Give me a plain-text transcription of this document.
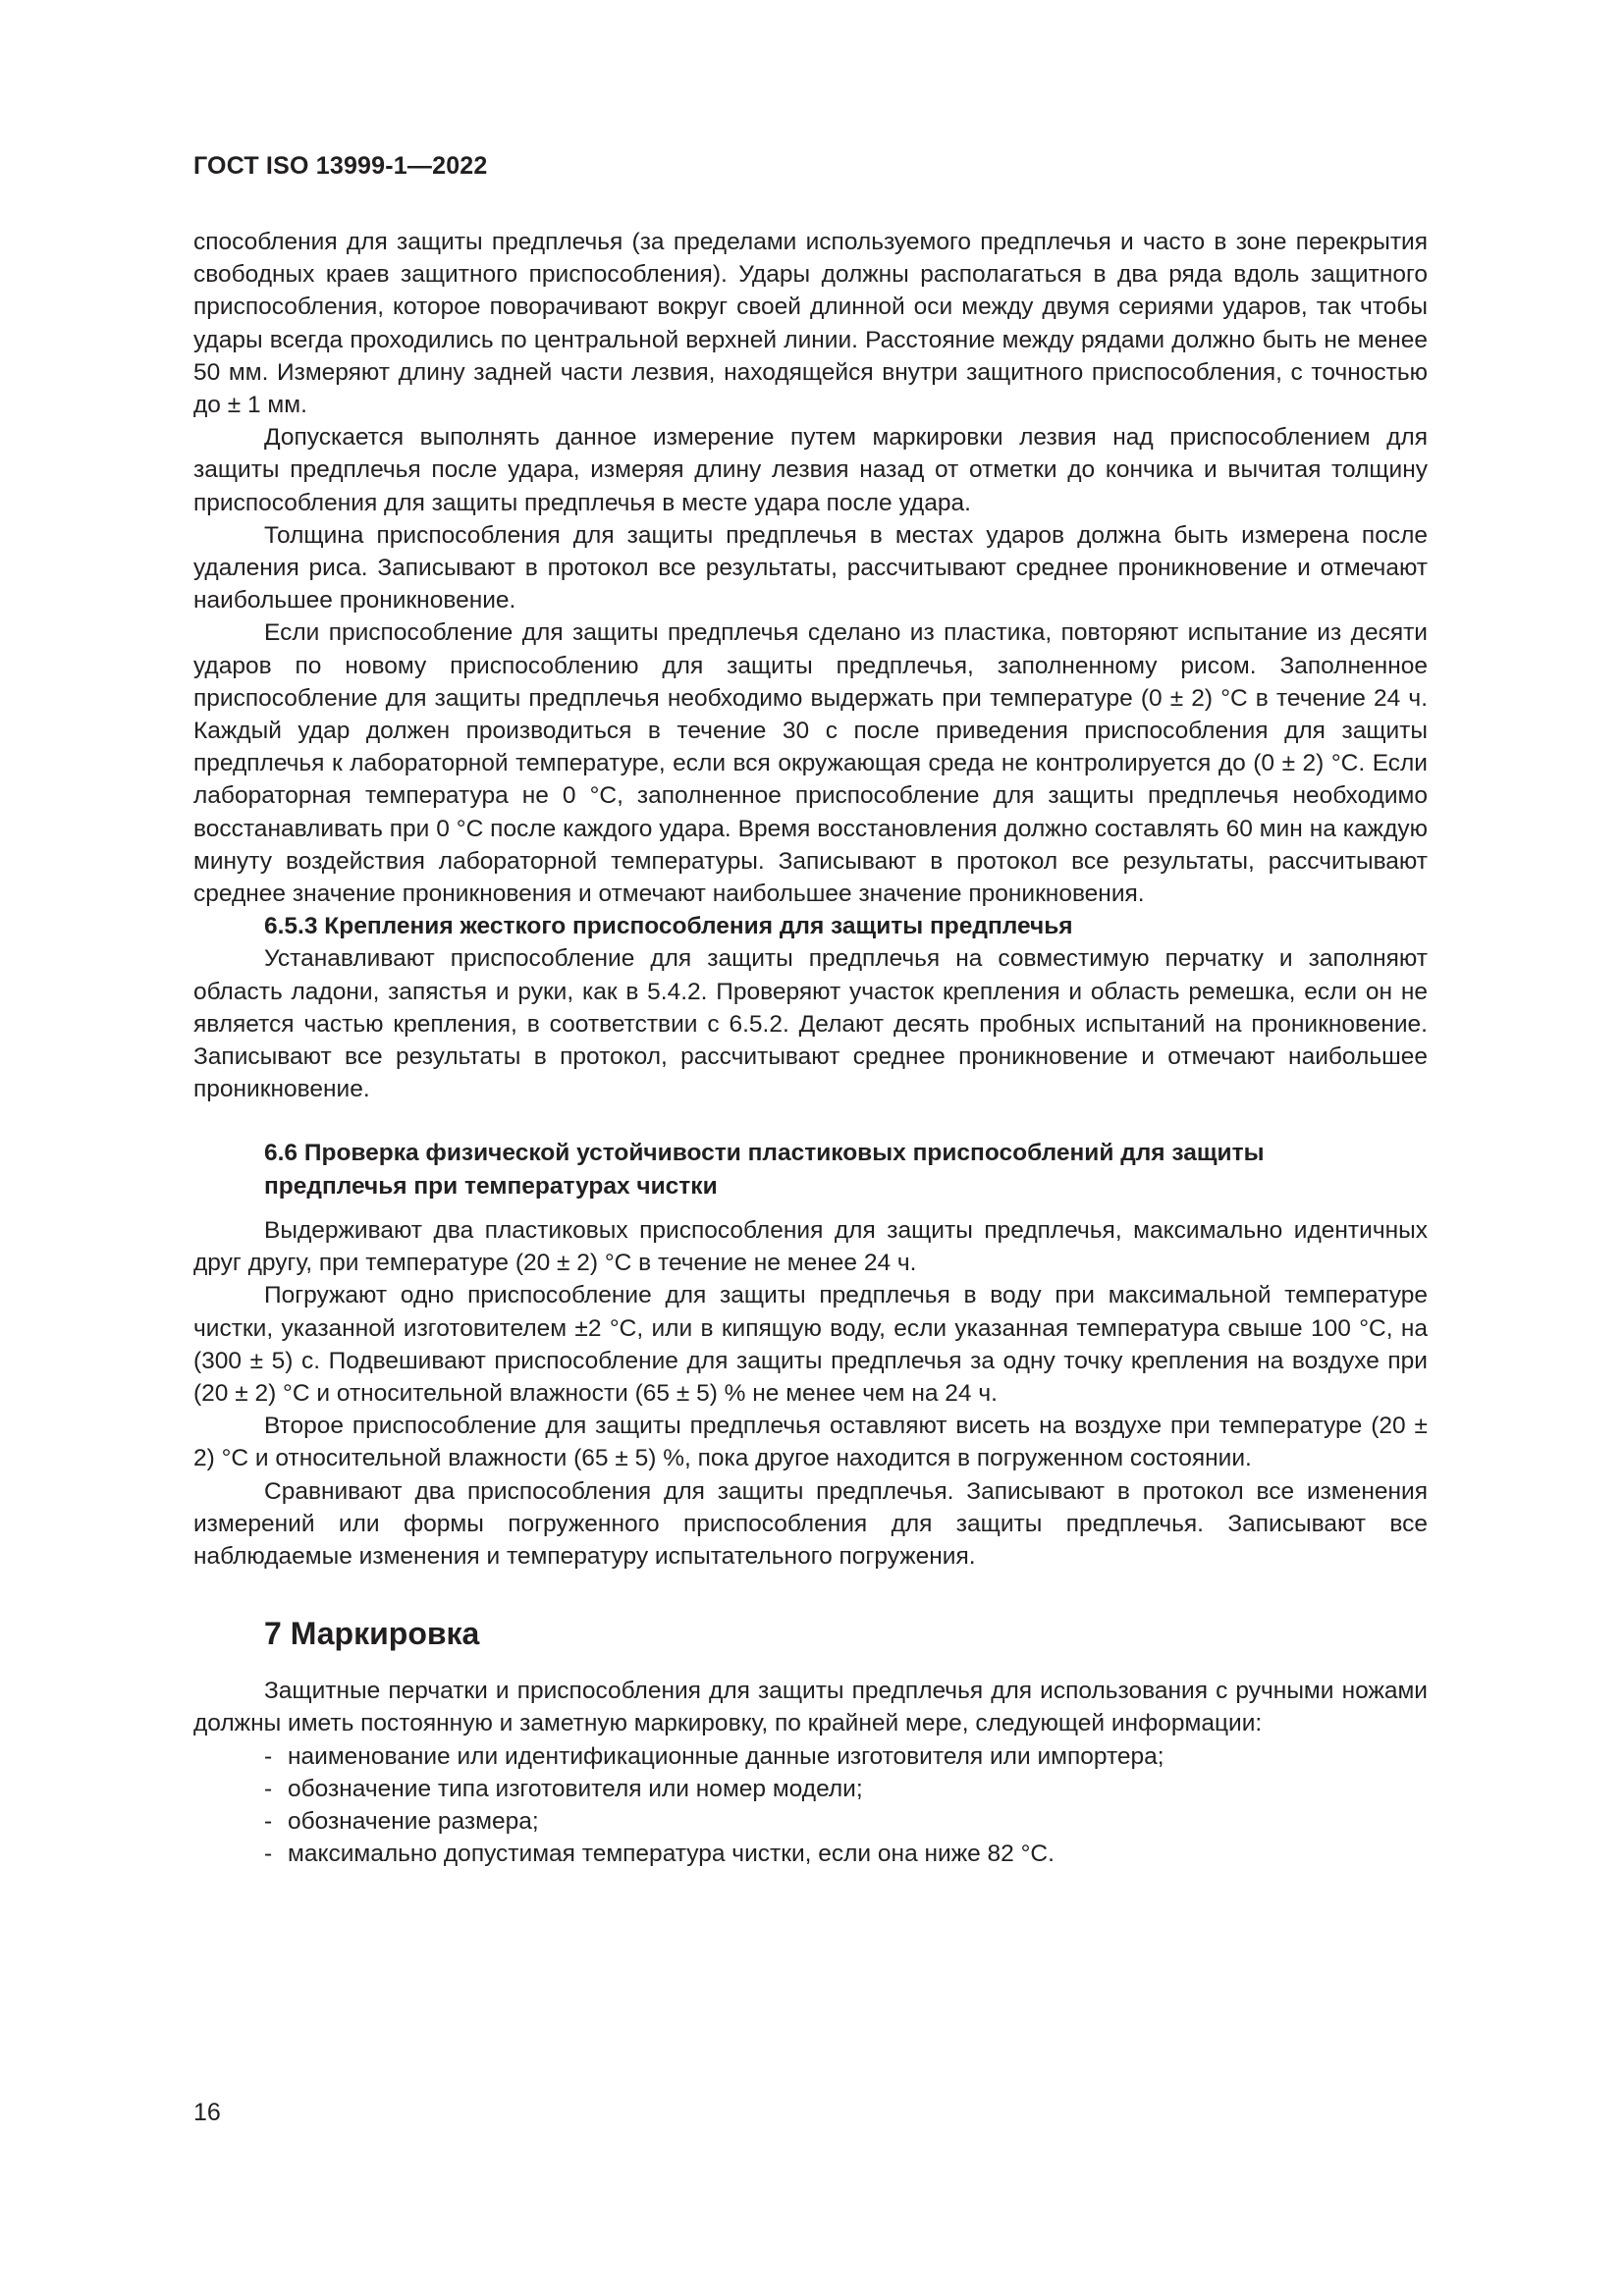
ГОСТ ISO 13999-1—2022

способления для защиты предплечья (за пределами используемого предплечья и часто в зоне перекрытия свободных краев защитного приспособления). Удары должны располагаться в два ряда вдоль защитного приспособления, которое поворачивают вокруг своей длинной оси между двумя сериями ударов, так чтобы удары всегда проходились по центральной верхней линии. Расстояние между рядами должно быть не менее 50 мм. Измеряют длину задней части лезвия, находящейся внутри защитного приспособления, с точностью до ± 1 мм.

Допускается выполнять данное измерение путем маркировки лезвия над приспособлением для защиты предплечья после удара, измеряя длину лезвия назад от отметки до кончика и вычитая толщину приспособления для защиты предплечья в месте удара после удара.

Толщина приспособления для защиты предплечья в местах ударов должна быть измерена после удаления риса. Записывают в протокол все результаты, рассчитывают среднее проникновение и отмечают наибольшее проникновение.

Если приспособление для защиты предплечья сделано из пластика, повторяют испытание из десяти ударов по новому приспособлению для защиты предплечья, заполненному рисом. Заполненное приспособление для защиты предплечья необходимо выдержать при температуре (0 ± 2) °С в течение 24 ч. Каждый удар должен производиться в течение 30 с после приведения приспособления для защиты предплечья к лабораторной температуре, если вся окружающая среда не контролируется до (0 ± 2) °С. Если лабораторная температура не 0 °С, заполненное приспособление для защиты предплечья необходимо восстанавливать при 0 °С после каждого удара. Время восстановления должно составлять 60 мин на каждую минуту воздействия лабораторной температуры. Записывают в протокол все результаты, рассчитывают среднее значение проникновения и отмечают наибольшее значение проникновения.

6.5.3 Крепления жесткого приспособления для защиты предплечья

Устанавливают приспособление для защиты предплечья на совместимую перчатку и заполняют область ладони, запястья и руки, как в 5.4.2. Проверяют участок крепления и область ремешка, если он не является частью крепления, в соответствии с 6.5.2. Делают десять пробных испытаний на проникновение. Записывают все результаты в протокол, рассчитывают среднее проникновение и отмечают наибольшее проникновение.

6.6 Проверка физической устойчивости пластиковых приспособлений для защиты
предплечья при температурах чистки

Выдерживают два пластиковых приспособления для защиты предплечья, максимально идентичных друг другу, при температуре (20 ± 2) °С в течение не менее 24 ч.

Погружают одно приспособление для защиты предплечья в воду при максимальной температуре чистки, указанной изготовителем ±2 °С, или в кипящую воду, если указанная температура свыше 100 °С, на (300 ± 5) с. Подвешивают приспособление для защиты предплечья за одну точку крепления на воздухе при (20 ± 2) °С и относительной влажности (65 ± 5) % не менее чем на 24 ч.

Второе приспособление для защиты предплечья оставляют висеть на воздухе при температуре (20 ± 2) °С и относительной влажности (65 ± 5) %, пока другое находится в погруженном состоянии.

Сравнивают два приспособления для защиты предплечья. Записывают в протокол все изменения измерений или формы погруженного приспособления для защиты предплечья. Записывают все наблюдаемые изменения и температуру испытательного погружения.

7 Маркировка

Защитные перчатки и приспособления для защиты предплечья для использования с ручными ножами должны иметь постоянную и заметную маркировку, по крайней мере, следующей информации:

- наименование или идентификационные данные изготовителя или импортера;
- обозначение типа изготовителя или номер модели;
- обозначение размера;
- максимально допустимая температура чистки, если она ниже 82 °С.
16
